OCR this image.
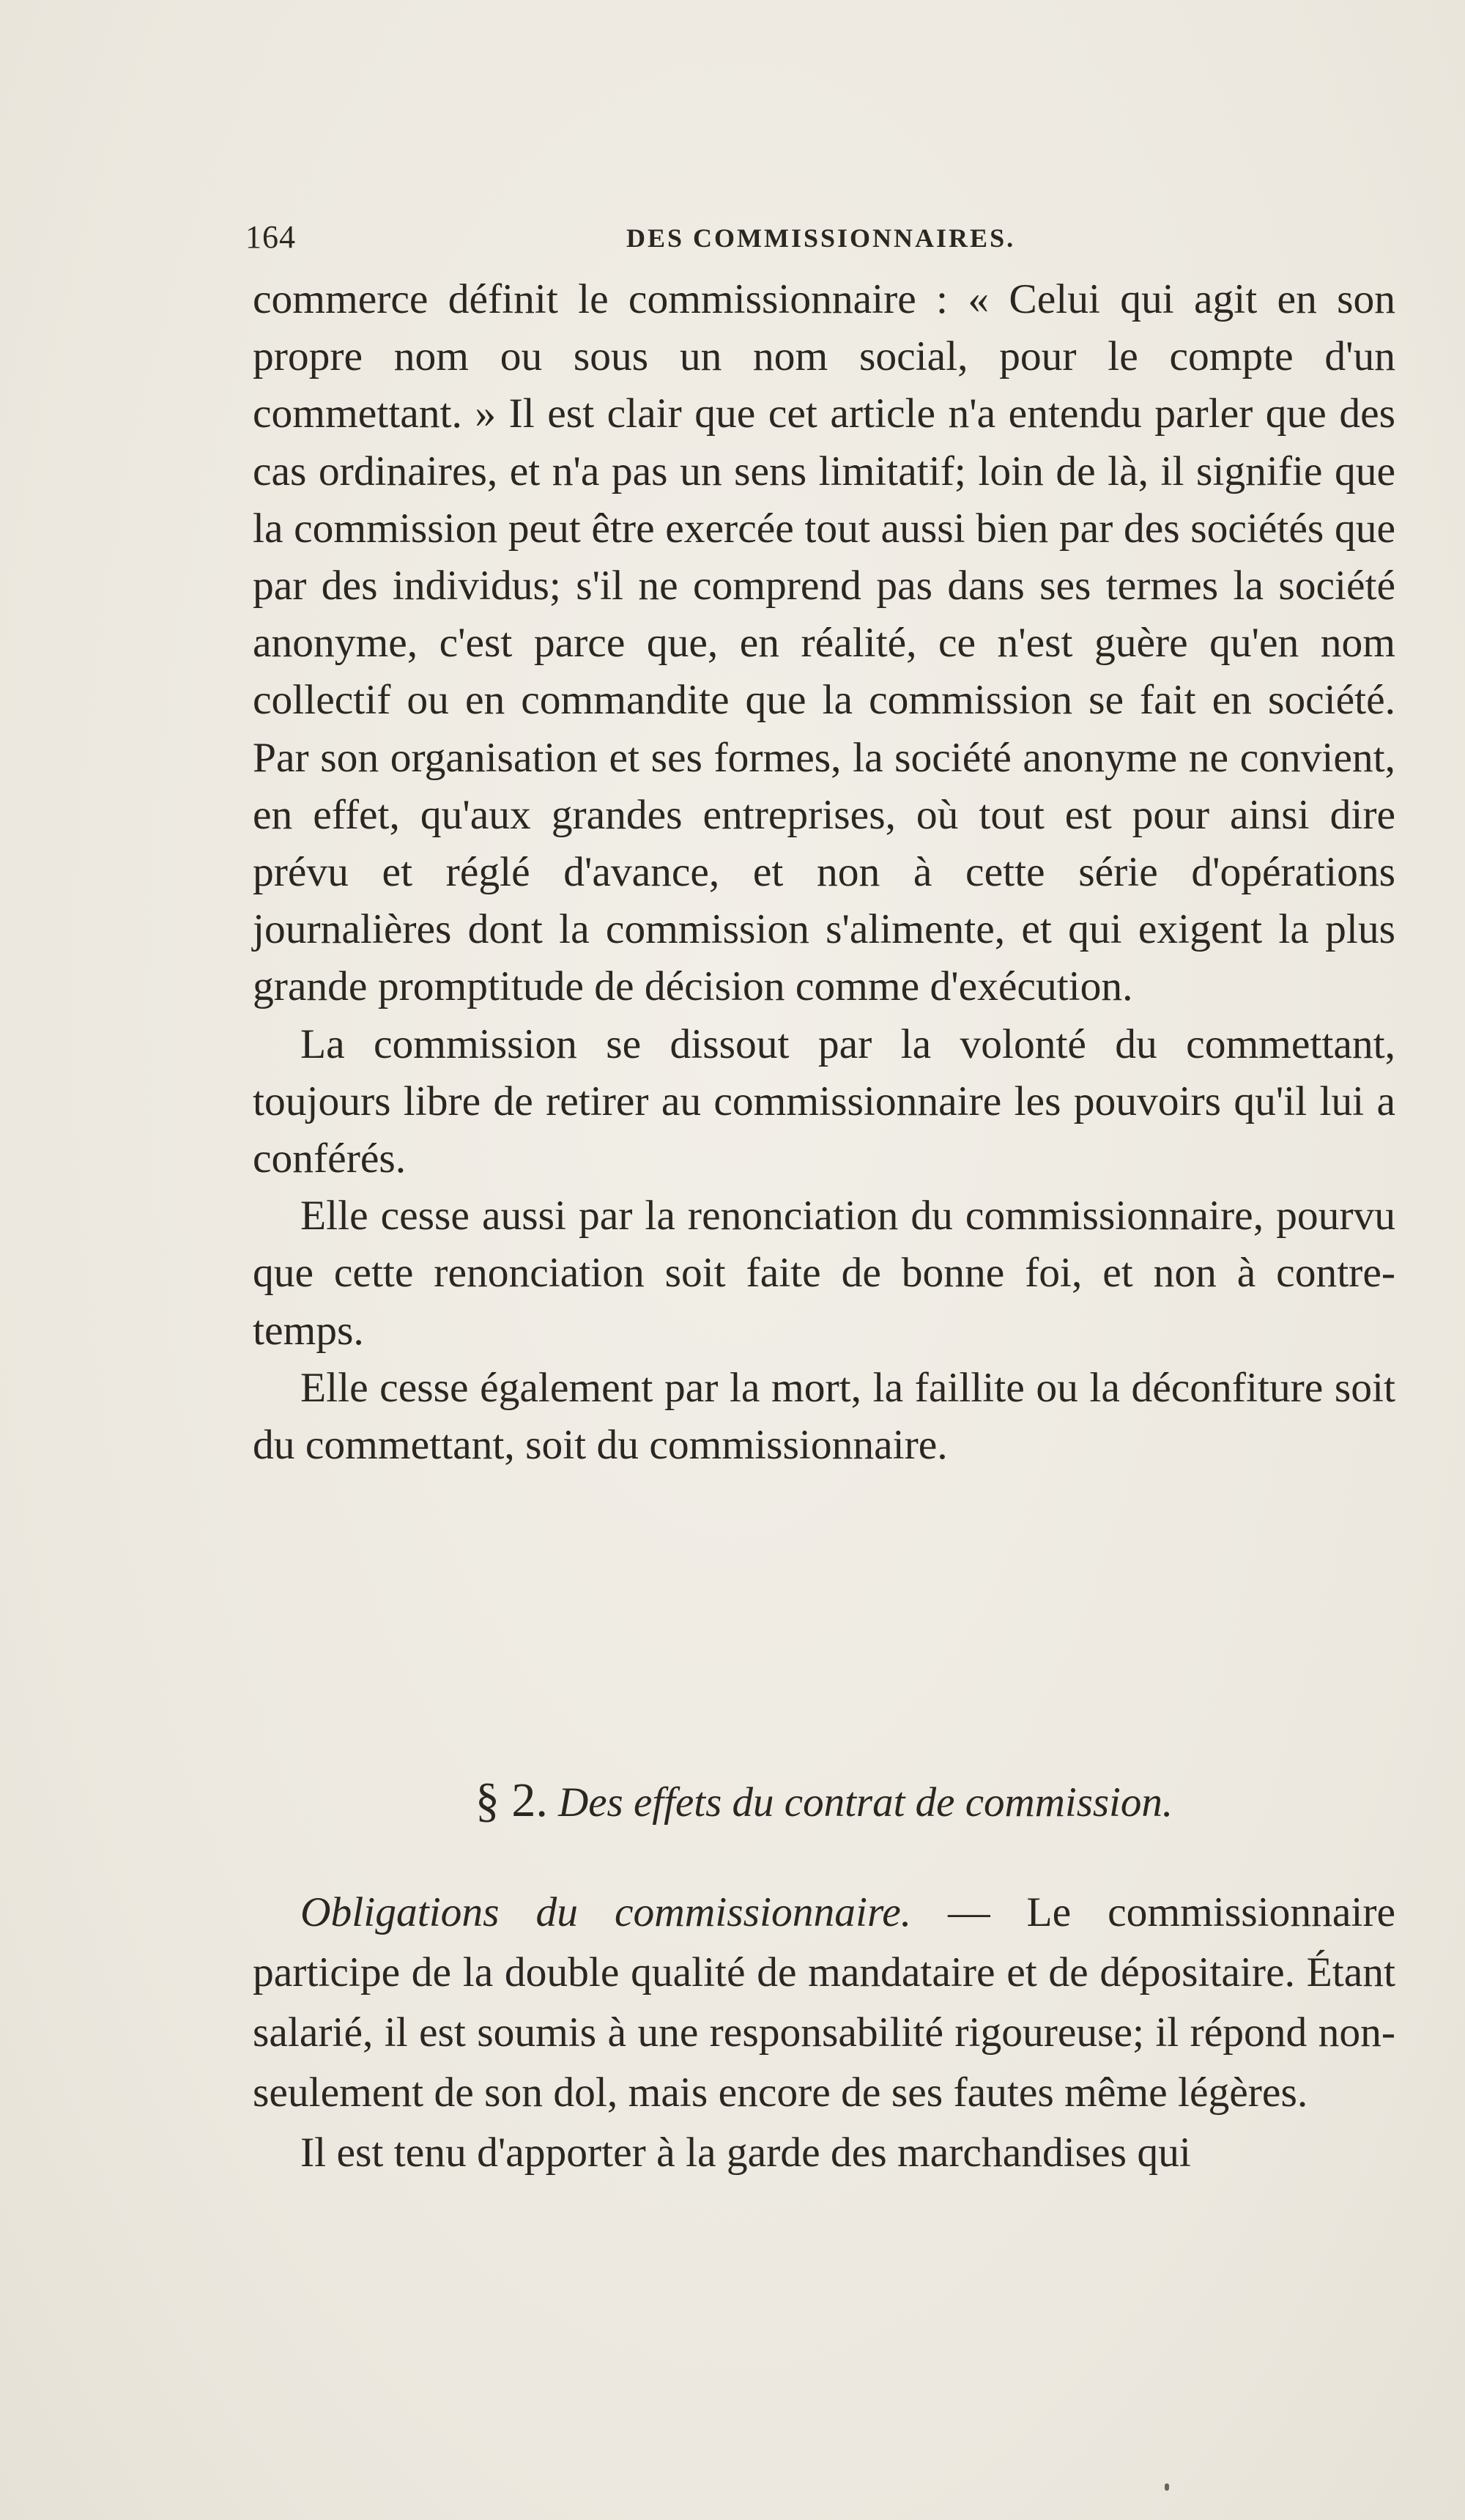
164	DES COMMISSIONNAIRES.

commerce définit le commissionnaire : « Celui qui agit en son propre nom ou sous un nom social, pour le compte d'un commettant. » Il est clair que cet article n'a entendu parler que des cas ordinaires, et n'a pas un sens limitatif; loin de là, il signifie que la commission peut être exercée tout aussi bien par des sociétés que par des individus; s'il ne comprend pas dans ses termes la société anonyme, c'est parce que, en réalité, ce n'est guère qu'en nom collectif ou en commandite que la commission se fait en société. Par son organisation et ses formes, la société anonyme ne convient, en effet, qu'aux grandes entreprises, où tout est pour ainsi dire prévu et réglé d'avance, et non à cette série d'opérations journalières dont la commission s'alimente, et qui exigent la plus grande promptitude de décision comme d'exécution.

La commission se dissout par la volonté du commettant, toujours libre de retirer au commissionnaire les pouvoirs qu'il lui a conférés.

Elle cesse aussi par la renonciation du commissionnaire, pourvu que cette renonciation soit faite de bonne foi, et non à contre-temps.

Elle cesse également par la mort, la faillite ou la déconfiture soit du commettant, soit du commissionnaire.

§ 2. Des effets du contrat de commission.

Obligations du commissionnaire. — Le commissionnaire participe de la double qualité de mandataire et de dépositaire. Étant salarié, il est soumis à une responsabilité rigoureuse; il répond non-seulement de son dol, mais encore de ses fautes même légères.

Il est tenu d'apporter à la garde des marchandises qui
